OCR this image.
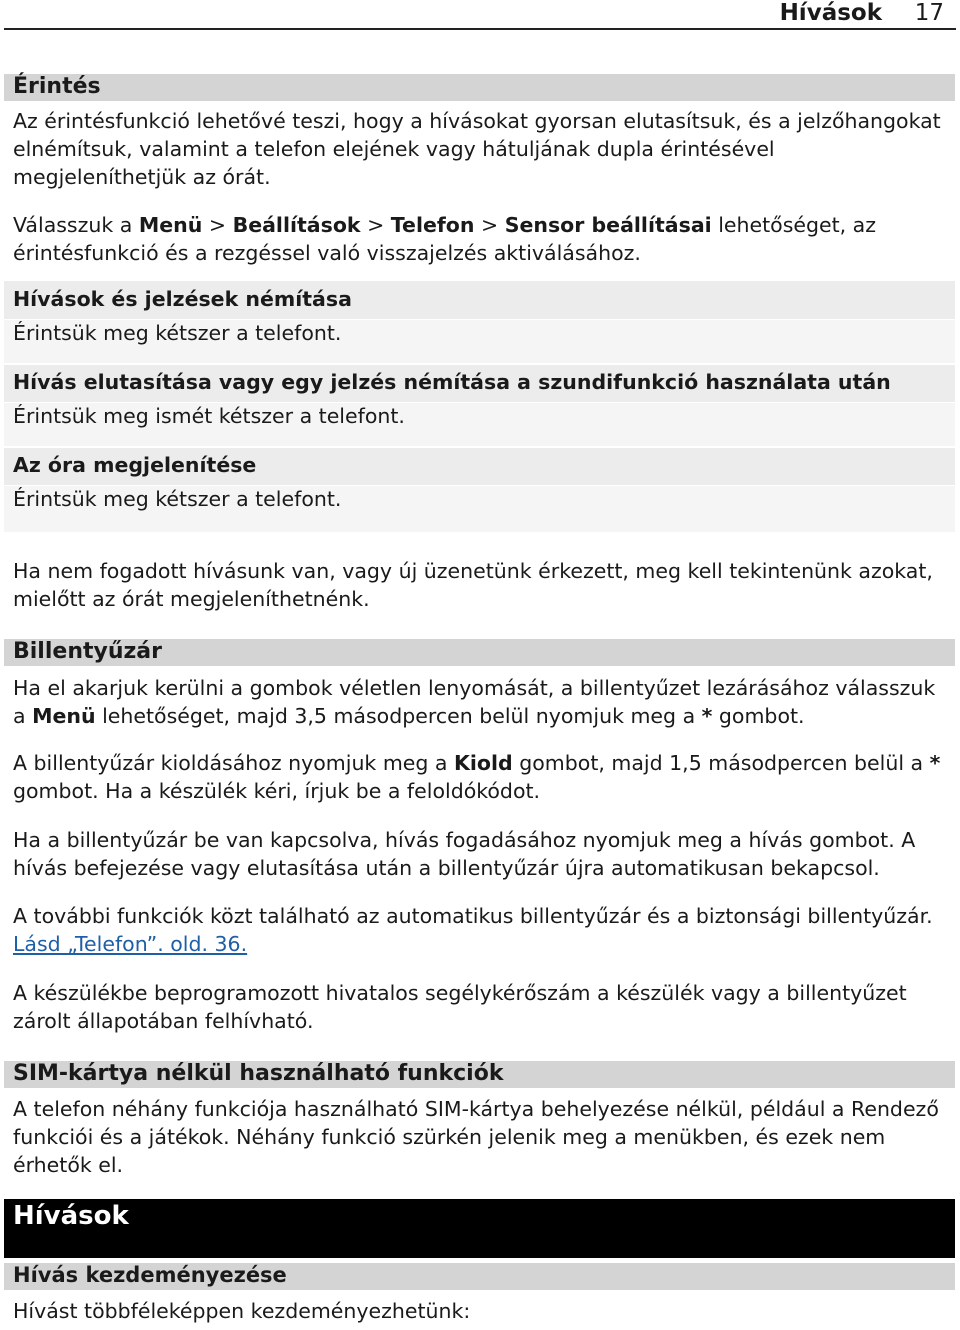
Hívások 17
Érintés
Az érintésfunkció lehetővé teszi, hogy a hívásokat gyorsan elutasítsuk, és a jelzőhangokat elnémítsuk, valamint a telefon elejének vagy hátuljának dupla érintésével megjeleníthetjük az órát.
Válasszuk a Menü > Beállítások > Telefon > Sensor beállításai lehetőséget, az érintésfunkció és a rezgéssel való visszajelzés aktiválásához.
Hívások és jelzések némítása
Érintsük meg kétszer a telefont.
Hívás elutasítása vagy egy jelzés némítása a szundifunkció használata után
Érintsük meg ismét kétszer a telefont.
Az óra megjelenítése
Érintsük meg kétszer a telefont.
Ha nem fogadott hívásunk van, vagy új üzenetünk érkezett, meg kell tekintenünk azokat, mielőtt az órát megjeleníthetnénk.
Billentyűzár
Ha el akarjuk kerülni a gombok véletlen lenyomását, a billentyűzet lezárásához válasszuk a Menü lehetőséget, majd 3,5 másodpercen belül nyomjuk meg a * gombot.
A billentyűzár kioldásához nyomjuk meg a Kiold gombot, majd 1,5 másodpercen belül a * gombot. Ha a készülék kéri, írjuk be a feloldókódot.
Ha a billentyűzár be van kapcsolva, hívás fogadásához nyomjuk meg a hívás gombot. A hívás befejezése vagy elutasítása után a billentyűzár újra automatikusan bekapcsol.
A további funkciók közt található az automatikus billentyűzár és a biztonsági billentyűzár. Lásd „Telefon”. old. 36.
A készülékbe beprogramozott hivatalos segélykérőszám a készülék vagy a billentyűzet zárolt állapotában felhívható.
SIM-kártya nélkül használható funkciók
A telefon néhány funkciója használható SIM-kártya behelyezése nélkül, például a Rendező funkciói és a játékok. Néhány funkció szürkén jelenik meg a menükben, és ezek nem érhetők el.
Hívások
Hívás kezdeményezése
Hívást többféleképpen kezdeményezhetünk:
